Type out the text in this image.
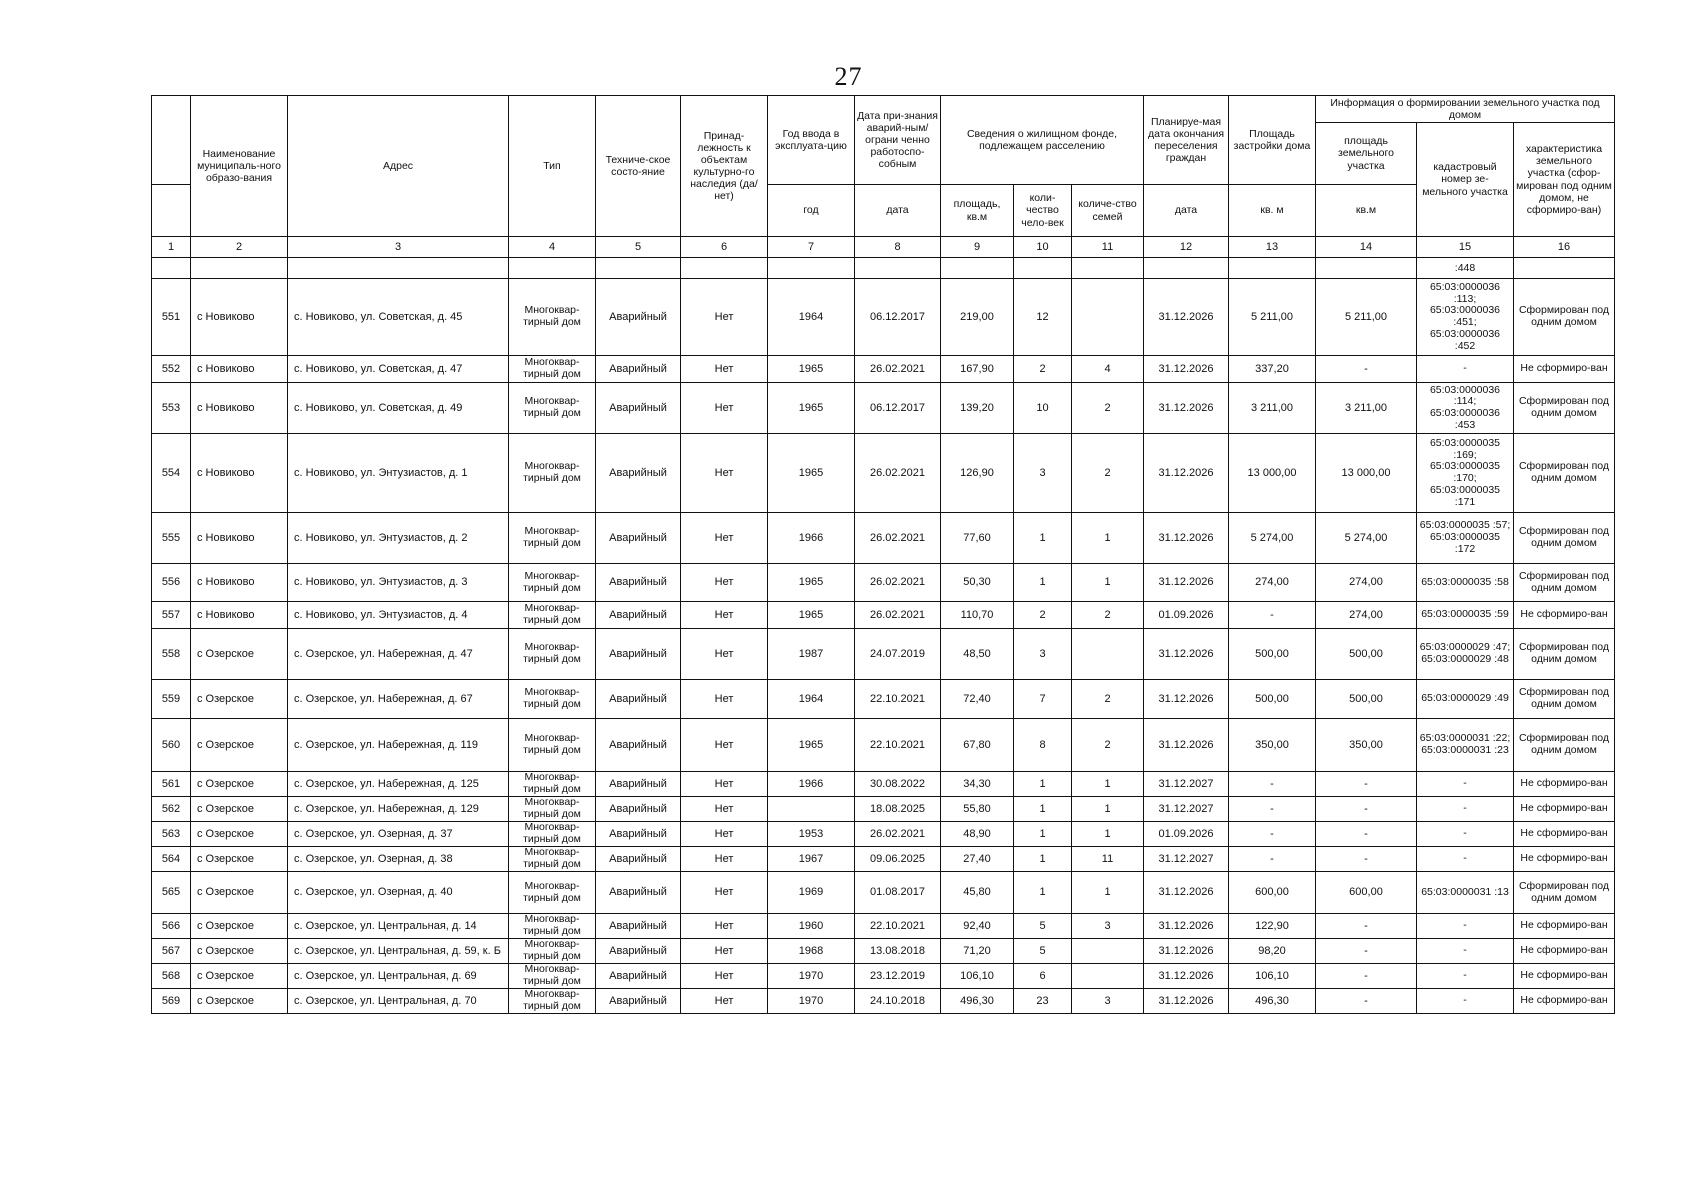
27
	Наименование муниципаль-ного образо-вания	Адрес	Тип	Техниче-ское состо-яние	Принад-лежность к объектам культурно-го наследия (да/нет)	Год ввода в эксплуата-цию	Дата при-знания аварий-ным/ограни ченно работоспо-собным	Сведения о жилищном фонде, подлежащем расселению			Планируе-мая дата окончания переселения граждан	Площадь застройки дома	Информация о формировании земельного участка под домом		
													площадь земельного участка	кадастровый номер зе-мельного участка	характеристика земельного участка (сфор-мирован под одним домом, не сформиро-ван)
						год	дата	площадь, кв.м	коли-чество чело-век	количе-ство семей	дата	кв. м	кв.м		
1	2	3	4	5	6	7	8	9	10	11	12	13	14	15	16
														:448	
551	с Новиково	с. Новиково, ул. Советская, д. 45	Многоквар-тирный дом	Аварийный	Нет	1964	06.12.2017	219,00	12		31.12.2026	5 211,00	5 211,00	65:03:0000036 :113; 65:03:0000036 :451; 65:03:0000036 :452	Сформирован под одним домом
552	с Новиково	с. Новиково, ул. Советская, д. 47	Многоквар-тирный дом	Аварийный	Нет	1965	26.02.2021	167,90	2	4	31.12.2026	337,20	-	-	Не сформиро-ван
553	с Новиково	с. Новиково, ул. Советская, д. 49	Многоквар-тирный дом	Аварийный	Нет	1965	06.12.2017	139,20	10	2	31.12.2026	3 211,00	3 211,00	65:03:0000036 :114; 65:03:0000036 :453	Сформирован под одним домом
554	с Новиково	с. Новиково, ул. Энтузиастов, д. 1	Многоквар-тирный дом	Аварийный	Нет	1965	26.02.2021	126,90	3	2	31.12.2026	13 000,00	13 000,00	65:03:0000035 :169; 65:03:0000035 :170; 65:03:0000035 :171	Сформирован под одним домом
555	с Новиково	с. Новиково, ул. Энтузиастов, д. 2	Многоквар-тирный дом	Аварийный	Нет	1966	26.02.2021	77,60	1	1	31.12.2026	5 274,00	5 274,00	65:03:0000035 :57; 65:03:0000035 :172	Сформирован под одним домом
556	с Новиково	с. Новиково, ул. Энтузиастов, д. 3	Многоквар-тирный дом	Аварийный	Нет	1965	26.02.2021	50,30	1	1	31.12.2026	274,00	274,00	65:03:0000035 :58	Сформирован под одним домом
557	с Новиково	с. Новиково, ул. Энтузиастов, д. 4	Многоквар-тирный дом	Аварийный	Нет	1965	26.02.2021	110,70	2	2	01.09.2026	-	274,00	65:03:0000035 :59	Не сформиро-ван
558	с Озерское	с. Озерское, ул. Набережная, д. 47	Многоквар-тирный дом	Аварийный	Нет	1987	24.07.2019	48,50	3		31.12.2026	500,00	500,00	65:03:0000029 :47; 65:03:0000029 :48	Сформирован под одним домом
559	с Озерское	с. Озерское, ул. Набережная, д. 67	Многоквар-тирный дом	Аварийный	Нет	1964	22.10.2021	72,40	7	2	31.12.2026	500,00	500,00	65:03:0000029 :49	Сформирован под одним домом
560	с Озерское	с. Озерское, ул. Набережная, д. 119	Многоквар-тирный дом	Аварийный	Нет	1965	22.10.2021	67,80	8	2	31.12.2026	350,00	350,00	65:03:0000031 :22; 65:03:0000031 :23	Сформирован под одним домом
561	с Озерское	с. Озерское, ул. Набережная, д. 125	Многоквар-тирный дом	Аварийный	Нет	1966	30.08.2022	34,30	1	1	31.12.2027	-	-	-	Не сформиро-ван
562	с Озерское	с. Озерское, ул. Набережная, д. 129	Многоквар-тирный дом	Аварийный	Нет		18.08.2025	55,80	1	1	31.12.2027	-	-	-	Не сформиро-ван
563	с Озерское	с. Озерское, ул. Озерная, д. 37	Многоквар-тирный дом	Аварийный	Нет	1953	26.02.2021	48,90	1	1	01.09.2026	-	-	-	Не сформиро-ван
564	с Озерское	с. Озерское, ул. Озерная, д. 38	Многоквар-тирный дом	Аварийный	Нет	1967	09.06.2025	27,40	1	11	31.12.2027	-	-	-	Не сформиро-ван
565	с Озерское	с. Озерское, ул. Озерная, д. 40	Многоквар-тирный дом	Аварийный	Нет	1969	01.08.2017	45,80	1	1	31.12.2026	600,00	600,00	65:03:0000031 :13	Сформирован под одним домом
566	с Озерское	с. Озерское, ул. Центральная, д. 14	Многоквар-тирный дом	Аварийный	Нет	1960	22.10.2021	92,40	5	3	31.12.2026	122,90	-	-	Не сформиро-ван
567	с Озерское	с. Озерское, ул. Центральная, д. 59, к. Б	Многоквар-тирный дом	Аварийный	Нет	1968	13.08.2018	71,20	5		31.12.2026	98,20	-	-	Не сформиро-ван
568	с Озерское	с. Озерское, ул. Центральная, д. 69	Многоквар-тирный дом	Аварийный	Нет	1970	23.12.2019	106,10	6		31.12.2026	106,10	-	-	Не сформиро-ван
569	с Озерское	с. Озерское, ул. Центральная, д. 70	Многоквар-тирный дом	Аварийный	Нет	1970	24.10.2018	496,30	23	3	31.12.2026	496,30	-	-	Не сформиро-ван
